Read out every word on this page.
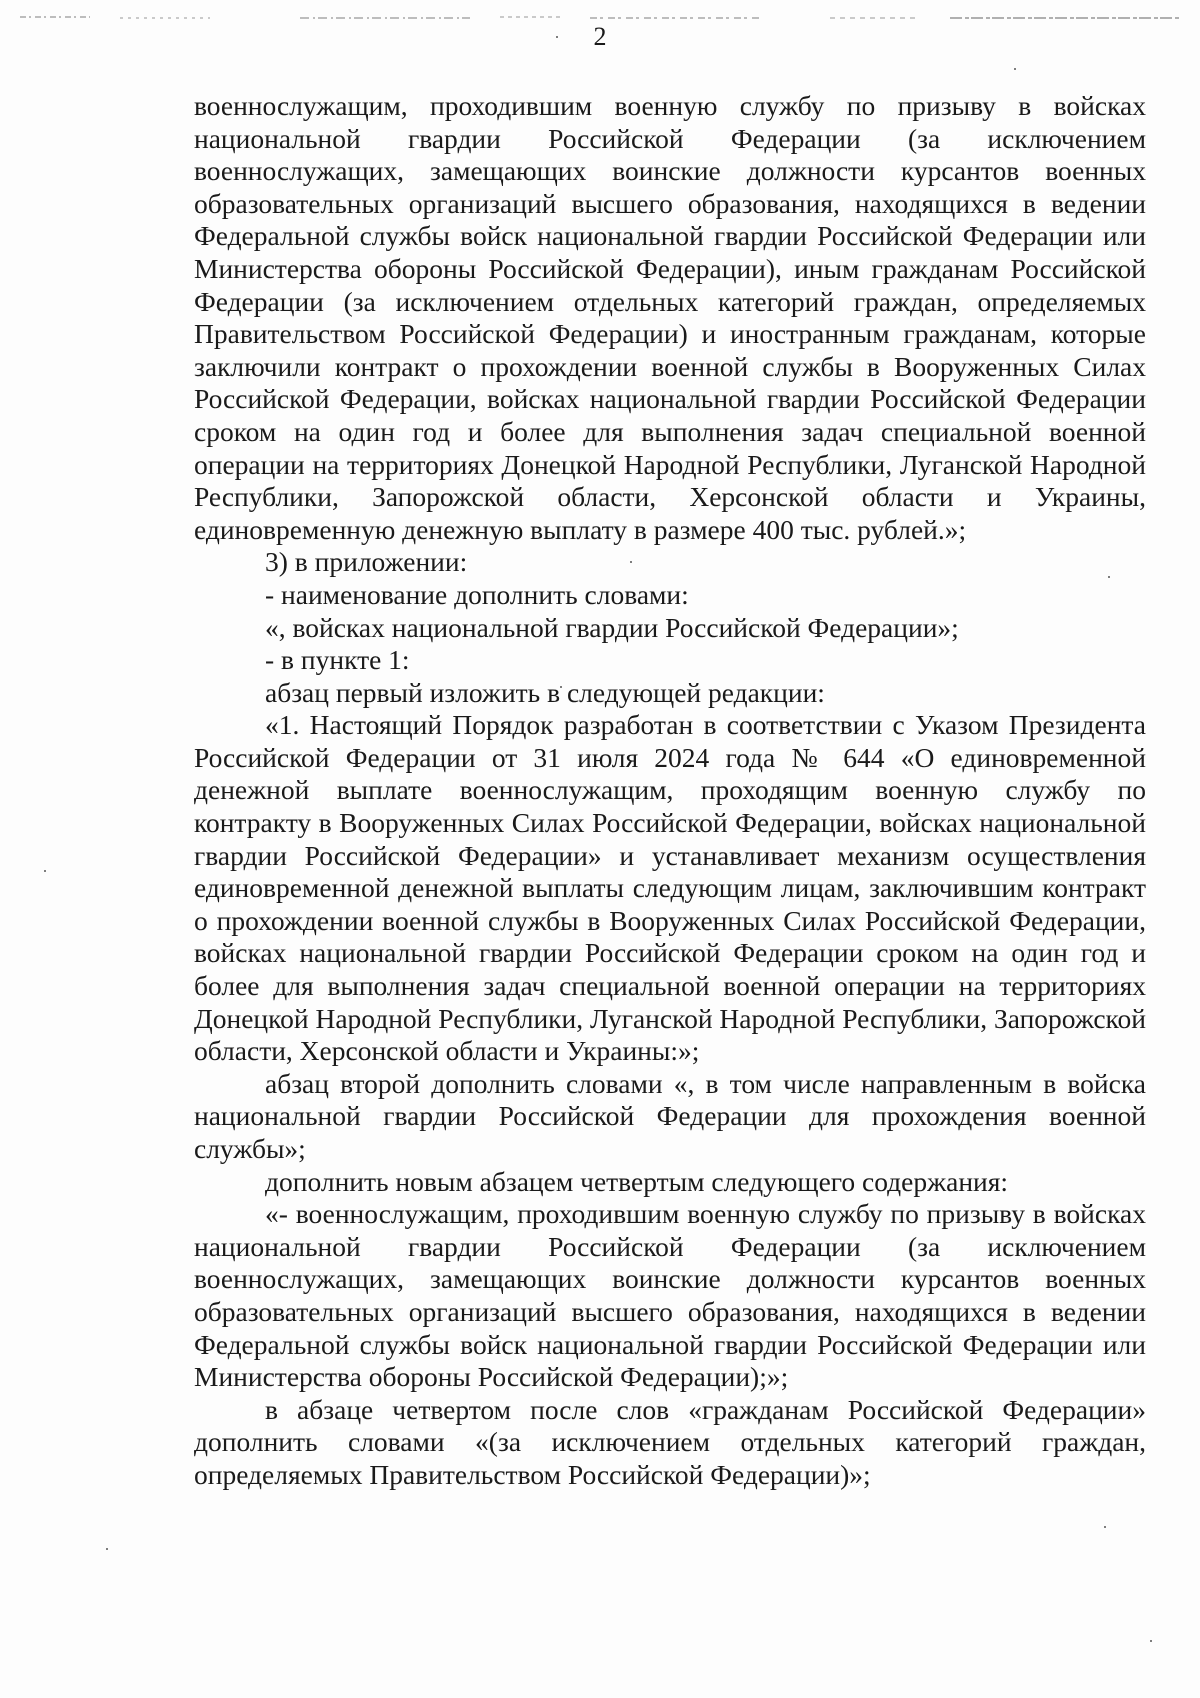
2

военнослужащим, проходившим военную службу по призыву в войсках национальной гвардии Российской Федерации (за исключением военнослужащих, замещающих воинские должности курсантов военных образовательных организаций высшего образования, находящихся в ведении Федеральной службы войск национальной гвардии Российской Федерации или Министерства обороны Российской Федерации), иным гражданам Российской Федерации (за исключением отдельных категорий граждан, определяемых Правительством Российской Федерации) и иностранным гражданам, которые заключили контракт о прохождении военной службы в Вооруженных Силах Российской Федерации, войсках национальной гвардии Российской Федерации сроком на один год и более для выполнения задач специальной военной операции на территориях Донецкой Народной Республики, Луганской Народной Республики, Запорожской области, Херсонской области и Украины, единовременную денежную выплату в размере 400 тыс. рублей.»;

3) в приложении:

- наименование дополнить словами:

«, войсках национальной гвардии Российской Федерации»;

- в пункте 1:

абзац первый изложить в следующей редакции:

«1. Настоящий Порядок разработан в соответствии с Указом Президента Российской Федерации от 31 июля 2024 года № 644 «О единовременной денежной выплате военнослужащим, проходящим военную службу по контракту в Вооруженных Силах Российской Федерации, войсках национальной гвардии Российской Федерации» и устанавливает механизм осуществления единовременной денежной выплаты следующим лицам, заключившим контракт о прохождении военной службы в Вооруженных Силах Российской Федерации, войсках национальной гвардии Российской Федерации сроком на один год и более для выполнения задач специальной военной операции на территориях Донецкой Народной Республики, Луганской Народной Республики, Запорожской области, Херсонской области и Украины:»;

абзац второй дополнить словами «, в том числе направленным в войска национальной гвардии Российской Федерации для прохождения военной службы»;

дополнить новым абзацем четвертым следующего содержания:

«- военнослужащим, проходившим военную службу по призыву в войсках национальной гвардии Российской Федерации (за исключением военнослужащих, замещающих воинские должности курсантов военных образовательных организаций высшего образования, находящихся в ведении Федеральной службы войск национальной гвардии Российской Федерации или Министерства обороны Российской Федерации);»;

в абзаце четвертом после слов «гражданам Российской Федерации» дополнить словами «(за исключением отдельных категорий граждан, определяемых Правительством Российской Федерации)»;
